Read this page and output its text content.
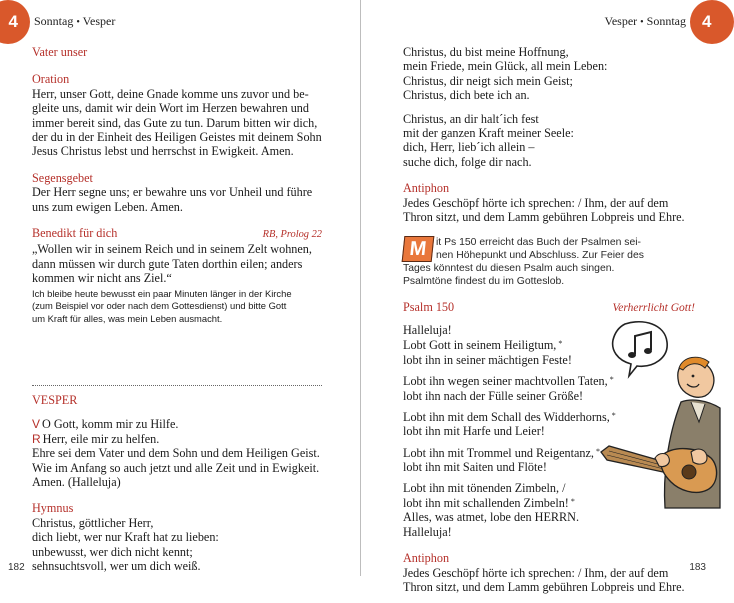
4 Sonntag • Vesper
Vater unser
Oration
Herr, unser Gott, deine Gnade komme uns zuvor und be-
gleite uns, damit wir dein Wort im Herzen bewahren und
immer bereit sind, das Gute zu tun. Darum bitten wir dich,
der du in der Einheit des Heiligen Geistes mit deinem Sohn
Jesus Christus lebst und herrschst in Ewigkeit. Amen.
Segensgebet
Der Herr segne uns; er bewahre uns vor Unheil und führe
uns zum ewigen Leben. Amen.
Benedikt für dich	RB, Prolog 22
„Wollen wir in seinem Reich und in seinem Zelt wohnen,
dann müssen wir durch gute Taten dorthin eilen; anders
kommen wir nicht ans Ziel.“
Ich bleibe heute bewusst ein paar Minuten länger in der Kirche
(zum Beispiel vor oder nach dem Gottesdienst) und bitte Gott
um Kraft für alles, was mein Leben ausmacht.
VESPER
V O Gott, komm mir zu Hilfe.
R Herr, eile mir zu helfen.
Ehre sei dem Vater und dem Sohn und dem Heiligen Geist.
Wie im Anfang so auch jetzt und alle Zeit und in Ewigkeit.
Amen. (Halleluja)
Hymnus
Christus, göttlicher Herr,
dich liebt, wer nur Kraft hat zu lieben:
unbewusst, wer dich nicht kennt;
sehnsuchtsvoll, wer um dich weiß.
182
4
Vesper • Sonntag
Christus, du bist meine Hoffnung,
mein Friede, mein Glück, all mein Leben:
Christus, dir neigt sich mein Geist;
Christus, dich bete ich an.
Christus, an dir halt´ich fest
mit der ganzen Kraft meiner Seele:
dich, Herr, lieb´ich allein –
suche dich, folge dir nach.
Antiphon
Jedes Geschöpf hörte ich sprechen: / Ihm, der auf dem
Thron sitzt, und dem Lamm gebühren Lobpreis und Ehre.
M it Ps 150 erreicht das Buch der Psalmen sei-
nen Höhepunkt und Abschluss. Zur Feier des
Tages könntest du diesen Psalm auch singen.
Psalmtöne findest du im Gotteslob.
Psalm 150	Verherrlicht Gott!
Halleluja!
Lobt Gott in seinem Heiligtum, *
lobt ihn in seiner mächtigen Feste!
Lobt ihn wegen seiner machtvollen Taten, *
lobt ihn nach der Fülle seiner Größe!
Lobt ihn mit dem Schall des Widderhorns, *
lobt ihn mit Harfe und Leier!
Lobt ihn mit Trommel und Reigentanz, *
lobt ihn mit Saiten und Flöte!
Lobt ihn mit tönenden Zimbeln, /
lobt ihn mit schallenden Zimbeln! *
Alles, was atmet, lobe den HERRN.
Halleluja!
Antiphon
Jedes Geschöpf hörte ich sprechen: / Ihm, der auf dem
Thron sitzt, und dem Lamm gebühren Lobpreis und Ehre.
183
